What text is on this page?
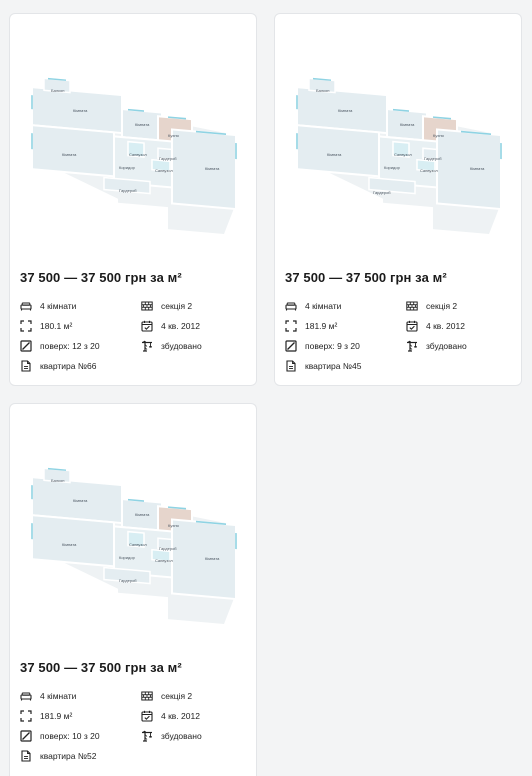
Балкон
Кімната
Кімната
Кімната
Кухня
Санвузол
Коридор
Санвузол
Гардероб
Кімната
Гардероб
37 500 — 37 500 грн за м²
4 кімнати	секція 2
180.1 м²	4 кв. 2012
поверх: 12 з 20	збудовано
квартира №66
Балкон
Кімната
Кімната
Кімната
Кухня
Санвузол
Коридор
Санвузол
Гардероб
Кімната
Гардероб
37 500 — 37 500 грн за м²
4 кімнати	секція 2
181.9 м²	4 кв. 2012
поверх: 9 з 20	збудовано
квартира №45
Балкон
Кімната
Кімната
Кімната
Кухня
Санвузол
Коридор
Санвузол
Гардероб
Кімната
Гардероб
37 500 — 37 500 грн за м²
4 кімнати	секція 2
181.9 м²	4 кв. 2012
поверх: 10 з 20	збудовано
квартира №52
